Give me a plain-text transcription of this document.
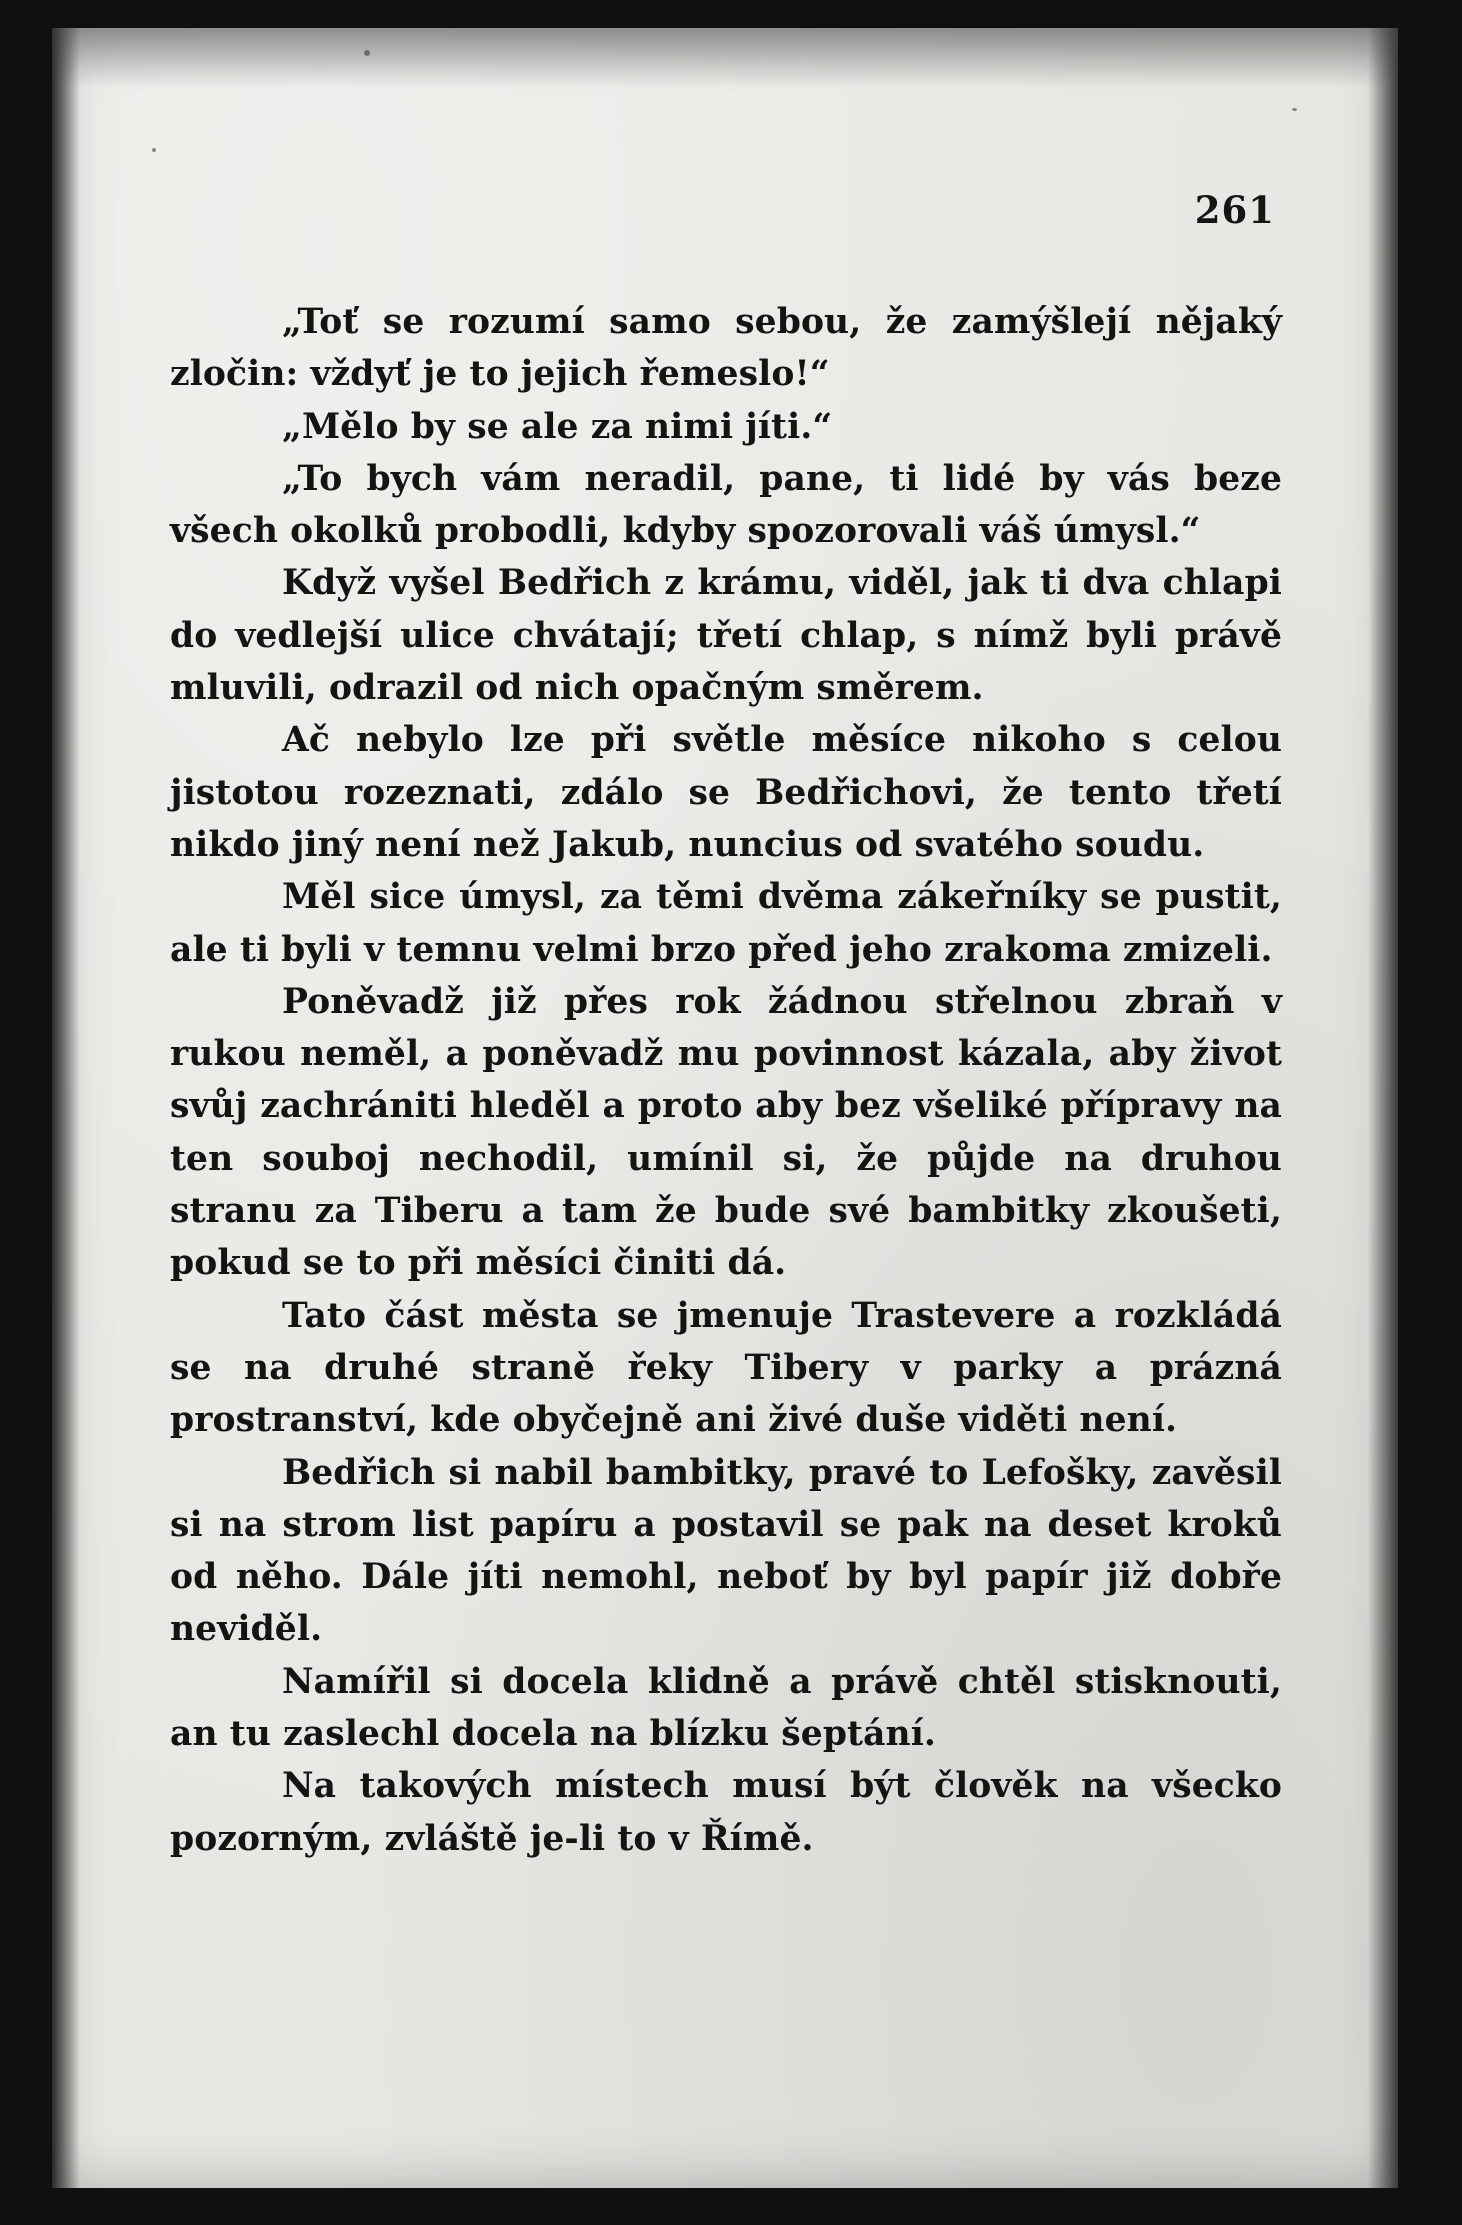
261

„Toť se rozumí samo sebou, že zamýšlejí nějaký zločin: vždyť je to jejich řemeslo!“

„Mělo by se ale za nimi jíti.“

„To bych vám neradil, pane, ti lidé by vás beze všech okolků probodli, kdyby spozorovali váš úmysl.“

Když vyšel Bedřich z krámu, viděl, jak ti dva chlapi do vedlejší ulice chvátají; třetí chlap, s nímž byli právě mluvili, odrazil od nich opačným směrem.

Ač nebylo lze při světle měsíce nikoho s celou jistotou rozeznati, zdálo se Bedřichovi, že tento třetí nikdo jiný není než Jakub, nuncius od svatého soudu.

Měl sice úmysl, za těmi dvěma zákeřníky se pustit, ale ti byli v temnu velmi brzo před jeho zrakoma zmizeli.

Poněvadž již přes rok žádnou střelnou zbraň v rukou neměl, a poněvadž mu povinnost kázala, aby život svůj zachrániti hleděl a proto aby bez všeliké přípravy na ten souboj nechodil, umínil si, že půjde na druhou stranu za Tiberu a tam že bude své bambitky zkoušeti, pokud se to při měsíci činiti dá.

Tato část města se jmenuje Trastevere a rozkládá se na druhé straně řeky Tibery v parky a prázná prostranství, kde obyčejně ani živé duše viděti není.

Bedřich si nabil bambitky, pravé to Lefošky, zavěsil si na strom list papíru a postavil se pak na deset kroků od něho. Dále jíti nemohl, neboť by byl papír již dobře neviděl.

Namířil si docela klidně a právě chtěl stisknouti, an tu zaslechl docela na blízku šeptání.

Na takových místech musí být člověk na všecko pozorným, zvláště je-li to v Římě.
